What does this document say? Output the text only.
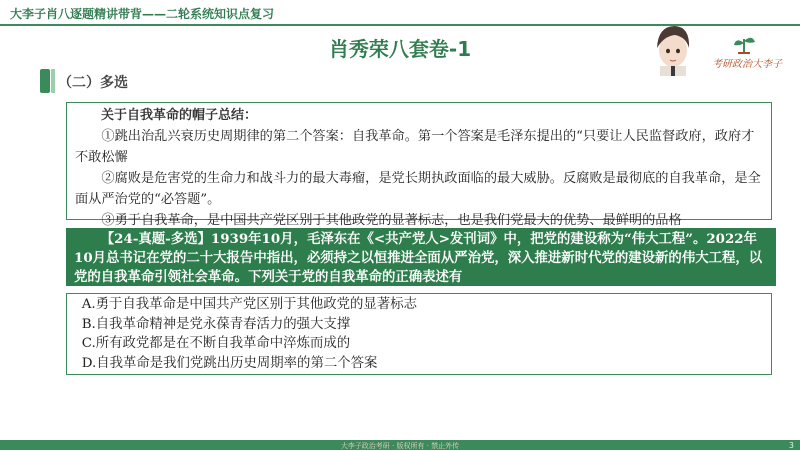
大李子肖八逐题精讲带背——二轮系统知识点复习
肖秀荣八套卷-1
考研政治大李子
（二）多选
关于自我革命的帽子总结：
①跳出治乱兴衰历史周期律的第二个答案：自我革命。第一个答案是毛泽东提出的“只要让人民监督政府，政府才不敢松懈
②腐败是危害党的生命力和战斗力的最大毒瘤，是党长期执政面临的最大威胁。反腐败是最彻底的自我革命，是全面从严治党的“必答题”。
③勇于自我革命，是中国共产党区别于其他政党的显著标志，也是我们党最大的优势、最鲜明的品格
【24-真题-多选】1939年10月，毛泽东在《<共产党人>发刊词》中，把党的建设称为“伟大工程”。2022年10月总书记在党的二十大报告中指出，必须持之以恒推进全面从严治党，深入推进新时代党的建设新的伟大工程，以党的自我革命引领社会革命。下列关于党的自我革命的正确表述有
A.勇于自我革命是中国共产党区别于其他政党的显著标志
B.自我革命精神是党永葆青春活力的强大支撑
C.所有政党都是在不断自我革命中淬炼而成的
D.自我革命是我们党跳出历史周期率的第二个答案
大李子政治考研 · 版权所有 · 禁止外传	3
